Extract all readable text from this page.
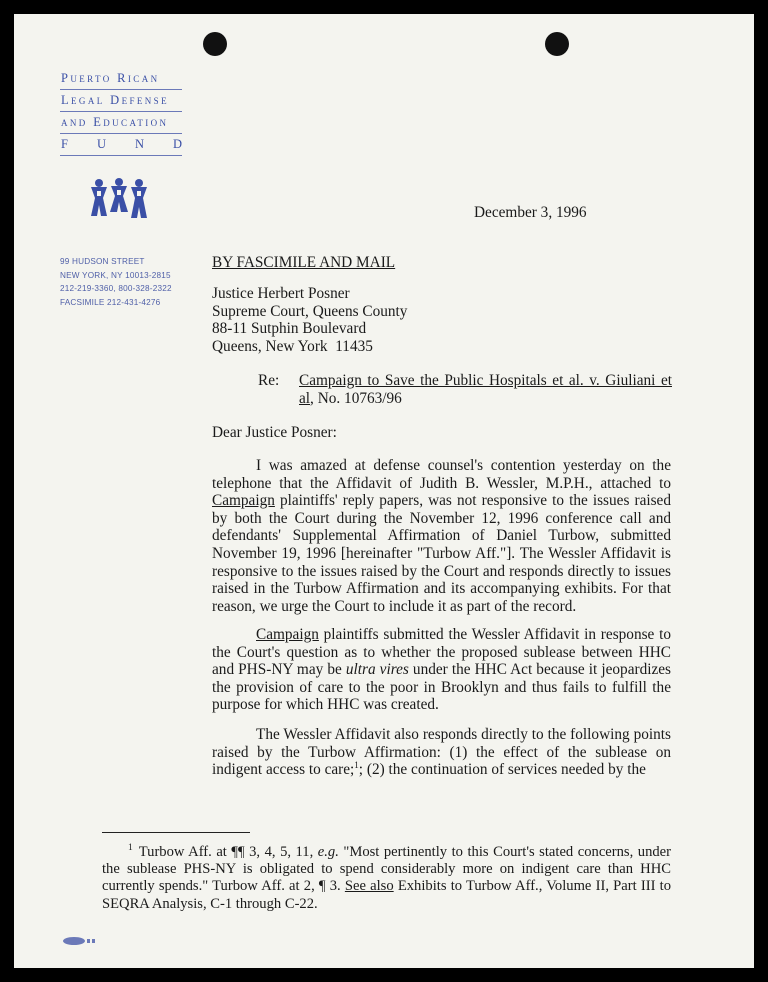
Puerto Rican
Legal Defense
and Education
F U N D
99 HUDSON STREET
NEW YORK, NY 10013-2815
212-219-3360, 800-328-2322
FACSIMILE 212-431-4276
December 3, 1996
BY FASCIMILE AND MAIL
Justice Herbert Posner
Supreme Court, Queens County
88-11 Sutphin Boulevard
Queens, New York  11435
Re: Campaign to Save the Public Hospitals et al. v. Giuliani et al, No. 10763/96
Dear Justice Posner:
I was amazed at defense counsel's contention yesterday on the telephone that the Affidavit of Judith B. Wessler, M.P.H., attached to Campaign plaintiffs' reply papers, was not responsive to the issues raised by both the Court during the November 12, 1996 conference call and defendants' Supplemental Affirmation of Daniel Turbow, submitted November 19, 1996 [hereinafter "Turbow Aff."]. The Wessler Affidavit is responsive to the issues raised by the Court and responds directly to issues raised in the Turbow Affirmation and its accompanying exhibits. For that reason, we urge the Court to include it as part of the record.
Campaign plaintiffs submitted the Wessler Affidavit in response to the Court's question as to whether the proposed sublease between HHC and PHS-NY may be ultra vires under the HHC Act because it jeopardizes the provision of care to the poor in Brooklyn and thus fails to fulfill the purpose for which HHC was created.
The Wessler Affidavit also responds directly to the following points raised by the Turbow Affirmation: (1) the effect of the sublease on indigent access to care;$^1$; (2) the continuation of services needed by the
$^1$ Turbow Aff. at ¶¶ 3, 4, 5, 11, e.g. "Most pertinently to this Court's stated concerns, under the sublease PHS-NY is obligated to spend considerably more on indigent care than HHC currently spends." Turbow Aff. at 2, ¶ 3. See also Exhibits to Turbow Aff., Volume II, Part III to SEQRA Analysis, C-1 through C-22.
